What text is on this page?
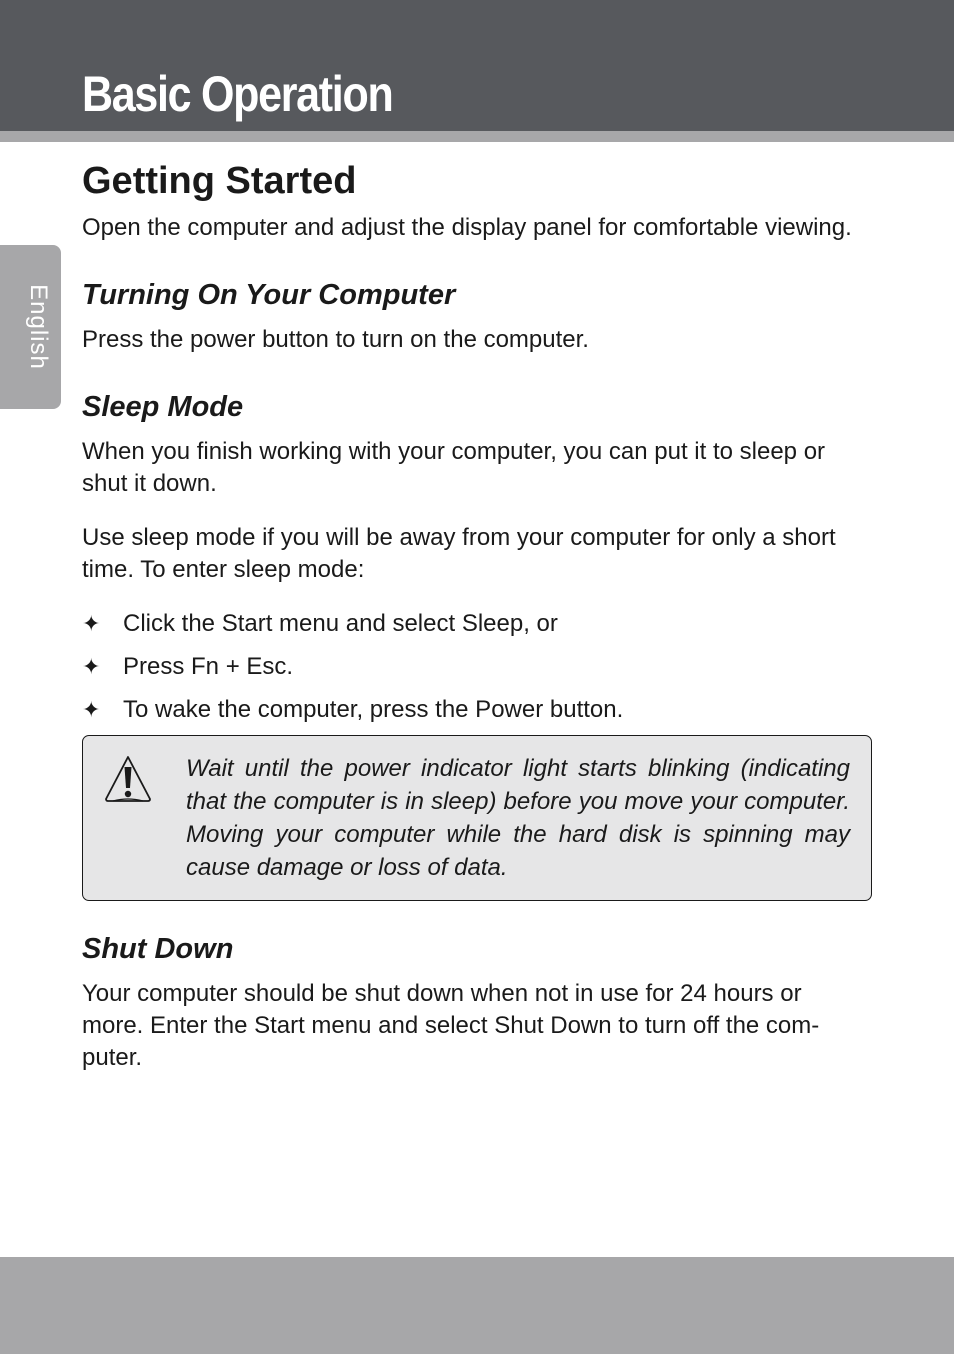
Basic Operation
English
Getting Started

Open the computer and adjust the display panel for comfortable viewing.

Turning On Your Computer

Press the power button to turn on the computer.

Sleep Mode

When you finish working with your computer, you can put it to sleep or shut it down.

Use sleep mode if you will be away from your computer for only a short time. To enter sleep mode:

✦ Click the Start menu and select Sleep, or
✦ Press Fn + Esc.
✦ To wake the computer, press the Power button.
Shut Down

Your computer should be shut down when not in use for 24 hours or more. Enter the Start menu and select Shut Down to turn off the com-puter.

Wait until the power indicator light starts blinking (indicating that the computer is in sleep) before you move your computer. Moving your computer while the hard disk is spinning may cause damage or loss of data.
